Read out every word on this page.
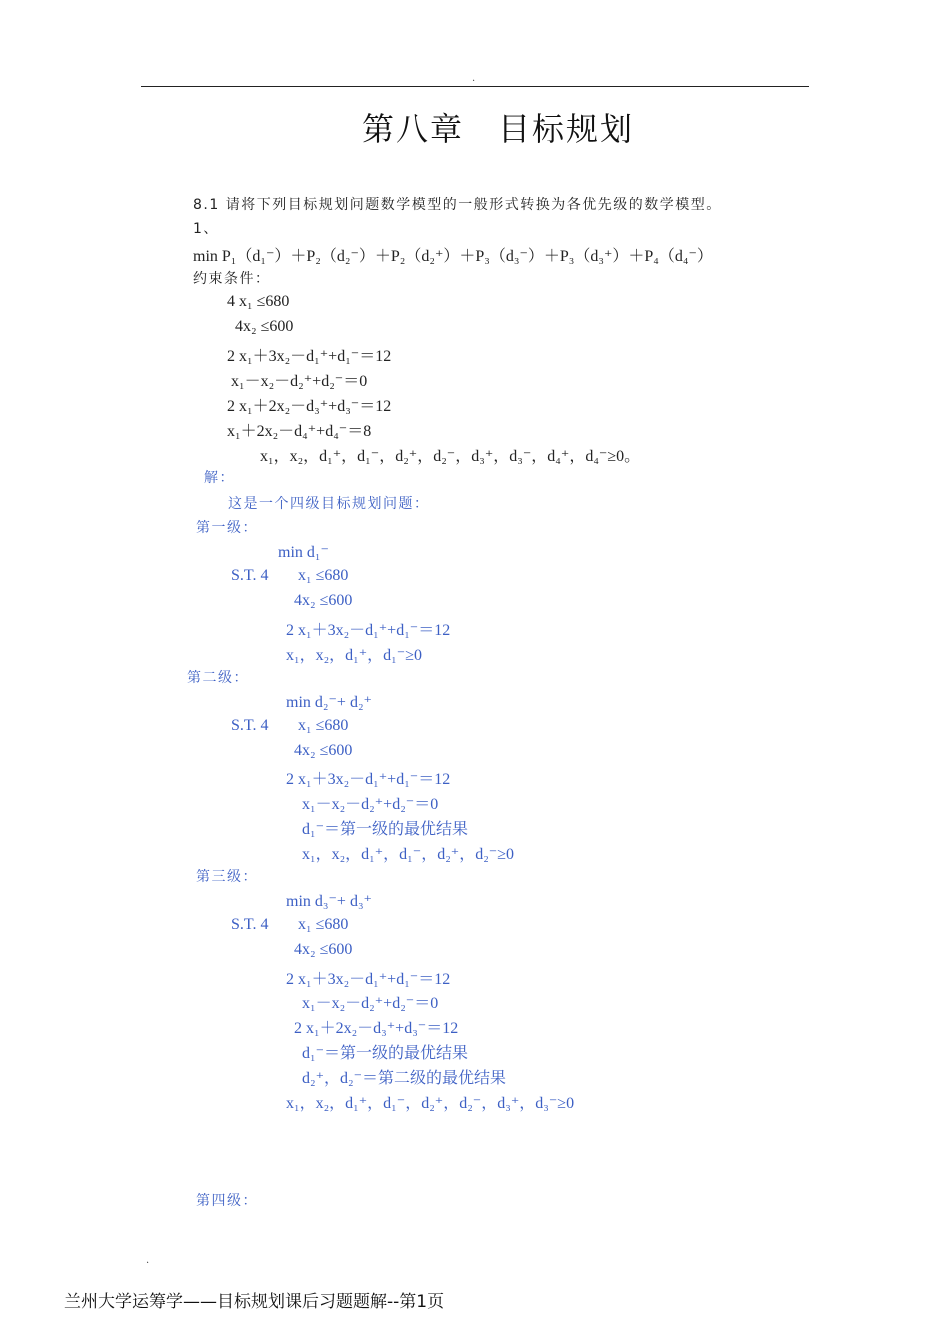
.
第八章　目标规划
8.1 请将下列目标规划问题数学模型的一般形式转换为各优先级的数学模型。
1、
min P₁（d₁⁻）＋P₂（d₂⁻）＋P₂（d₂⁺）＋P₃（d₃⁻）＋P₃（d₃⁺）＋P₄（d₄⁻）
约束条件：
4 x₁ ≤680
4x₂ ≤600
2 x₁＋3x₂－d₁⁺+d₁⁻＝12
x₁－x₂－d₂⁺+d₂⁻＝0
2 x₁＋2x₂－d₃⁺+d₃⁻＝12
x₁＋2x₂－d₄⁺+d₄⁻＝8
x₁，x₂，d₁⁺，d₁⁻，d₂⁺，d₂⁻，d₃⁺，d₃⁻，d₄⁺，d₄⁻≥0。
解：
这是一个四级目标规划问题：
第一级：
min d₁⁻
S.T. 4 x₁ ≤680
4x₂ ≤600
2 x₁＋3x₂－d₁⁺+d₁⁻＝12
x₁，x₂，d₁⁺，d₁⁻≥0
第二级：
min d₂⁻+ d₂⁺
S.T. 4 x₁ ≤680
4x₂ ≤600
2 x₁＋3x₂－d₁⁺+d₁⁻＝12
x₁－x₂－d₂⁺+d₂⁻＝0
d₁⁻＝第一级的最优结果
x₁，x₂，d₁⁺，d₁⁻，d₂⁺，d₂⁻≥0
第三级：
min d₃⁻+ d₃⁺
S.T. 4 x₁ ≤680
4x₂ ≤600
2 x₁＋3x₂－d₁⁺+d₁⁻＝12
x₁－x₂－d₂⁺+d₂⁻＝0
2 x₁＋2x₂－d₃⁺+d₃⁻＝12
d₁⁻＝第一级的最优结果
d₂⁺，d₂⁻＝第二级的最优结果
x₁，x₂，d₁⁺，d₁⁻，d₂⁺，d₂⁻，d₃⁺，d₃⁻≥0
第四级：
.
兰州大学运筹学——目标规划课后习题题解--第1页
